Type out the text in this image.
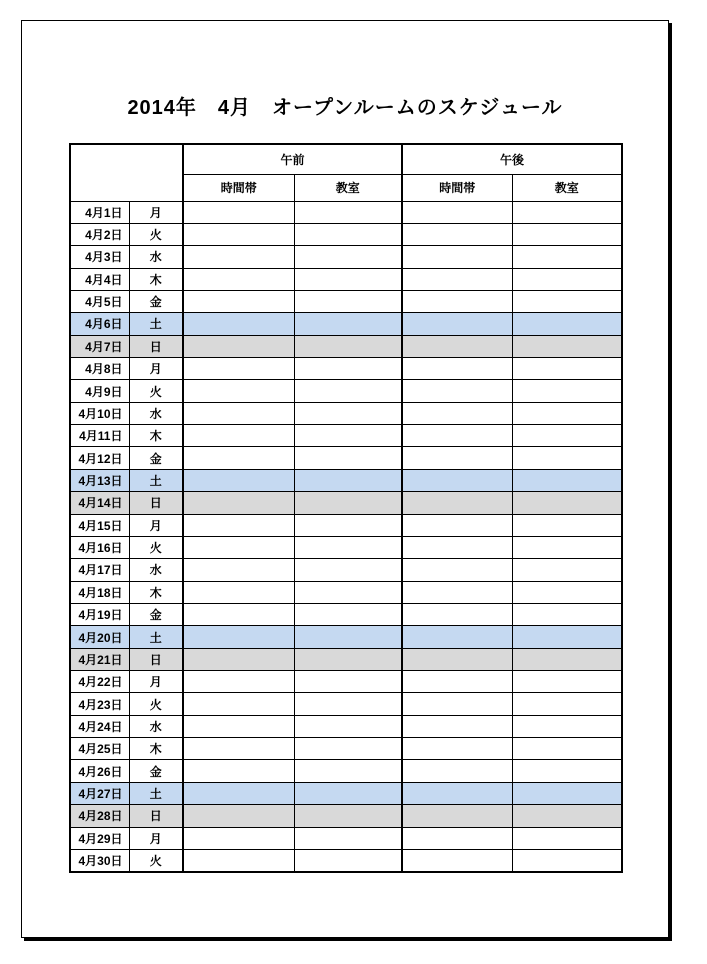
2014年　4月　オープンルームのスケジュール
		午前		午後	
		時間帯	教室	時間帯	教室
4月1日	月				
4月2日	火				
4月3日	水				
4月4日	木				
4月5日	金				
4月6日	土				
4月7日	日				
4月8日	月				
4月9日	火				
4月10日	水				
4月11日	木				
4月12日	金				
4月13日	土				
4月14日	日				
4月15日	月				
4月16日	火				
4月17日	水				
4月18日	木				
4月19日	金				
4月20日	土				
4月21日	日				
4月22日	月				
4月23日	火				
4月24日	水				
4月25日	木				
4月26日	金				
4月27日	土				
4月28日	日				
4月29日	月				
4月30日	火				
